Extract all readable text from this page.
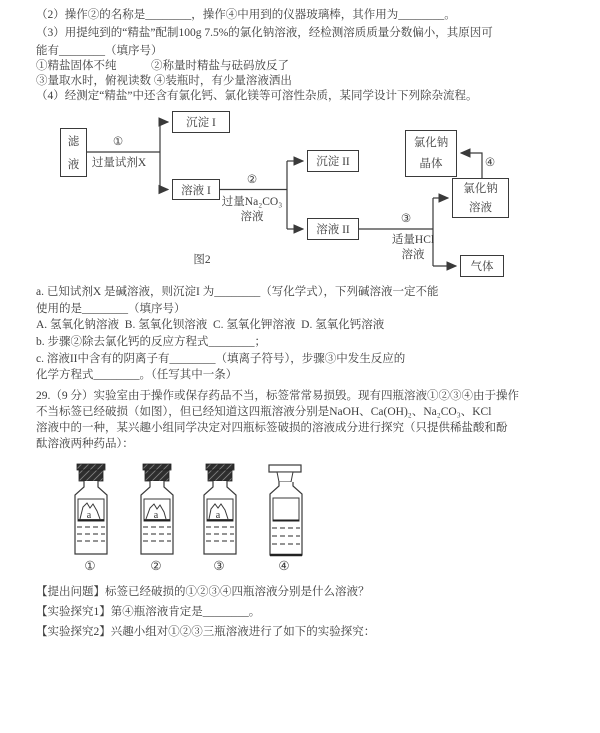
（2）操作②的名称是________，操作④中用到的仪器玻璃棒，其作用为________。
（3）用提纯到的“精盐”配制100g 7.5%的氯化钠溶液，经检测溶质质量分数偏小，其原因可
能有________（填序号）
①精盐固体不纯　　　②称量时精盐与砝码放反了
③量取水时，俯视读数 ④装瓶时，有少量溶液洒出
（4）经测定“精盐”中还含有氯化钙、氯化镁等可溶性杂质，某同学设计下列除杂流程。
滤
液
沉淀 I
溶液 I
沉淀 II
溶液 II
氯化钠
晶体
氯化钠
溶液
气体
①
过量试剂X
②
过量Na₂CO₃
溶液	③
适量HCl
溶液
④
图2
a. 已知试剂X 是碱溶液，则沉淀I 为________（写化学式），下列碱溶液一定不能
使用的是________（填序号）
A. 氢氧化钠溶液  B. 氢氧化钡溶液  C. 氢氧化钾溶液  D. 氢氧化钙溶液
b. 步骤②除去氯化钙的反应方程式________；
c. 溶液II中含有的阴离子有________（填离子符号），步骤③中发生反应的
化学方程式________。（任写其中一条）
29.（9 分）实验室由于操作或保存药品不当，标签常常易损毁。现有四瓶溶液①②③④由于操作
不当标签已经破损（如图），但已经知道这四瓶溶液分别是NaOH、Ca(OH)₂、Na₂CO₃、KCl
溶液中的一种，某兴趣小组同学决定对四瓶标签破损的溶液成分进行探究（只提供稀盐酸和酚
酞溶液两种药品）：
a	a	a
①	②	③	④
【提出问题】标签已经破损的①②③④四瓶溶液分别是什么溶液？
【实验探究1】第④瓶溶液肯定是________。
【实验探究2】兴趣小组对①②③三瓶溶液进行了如下的实验探究：
